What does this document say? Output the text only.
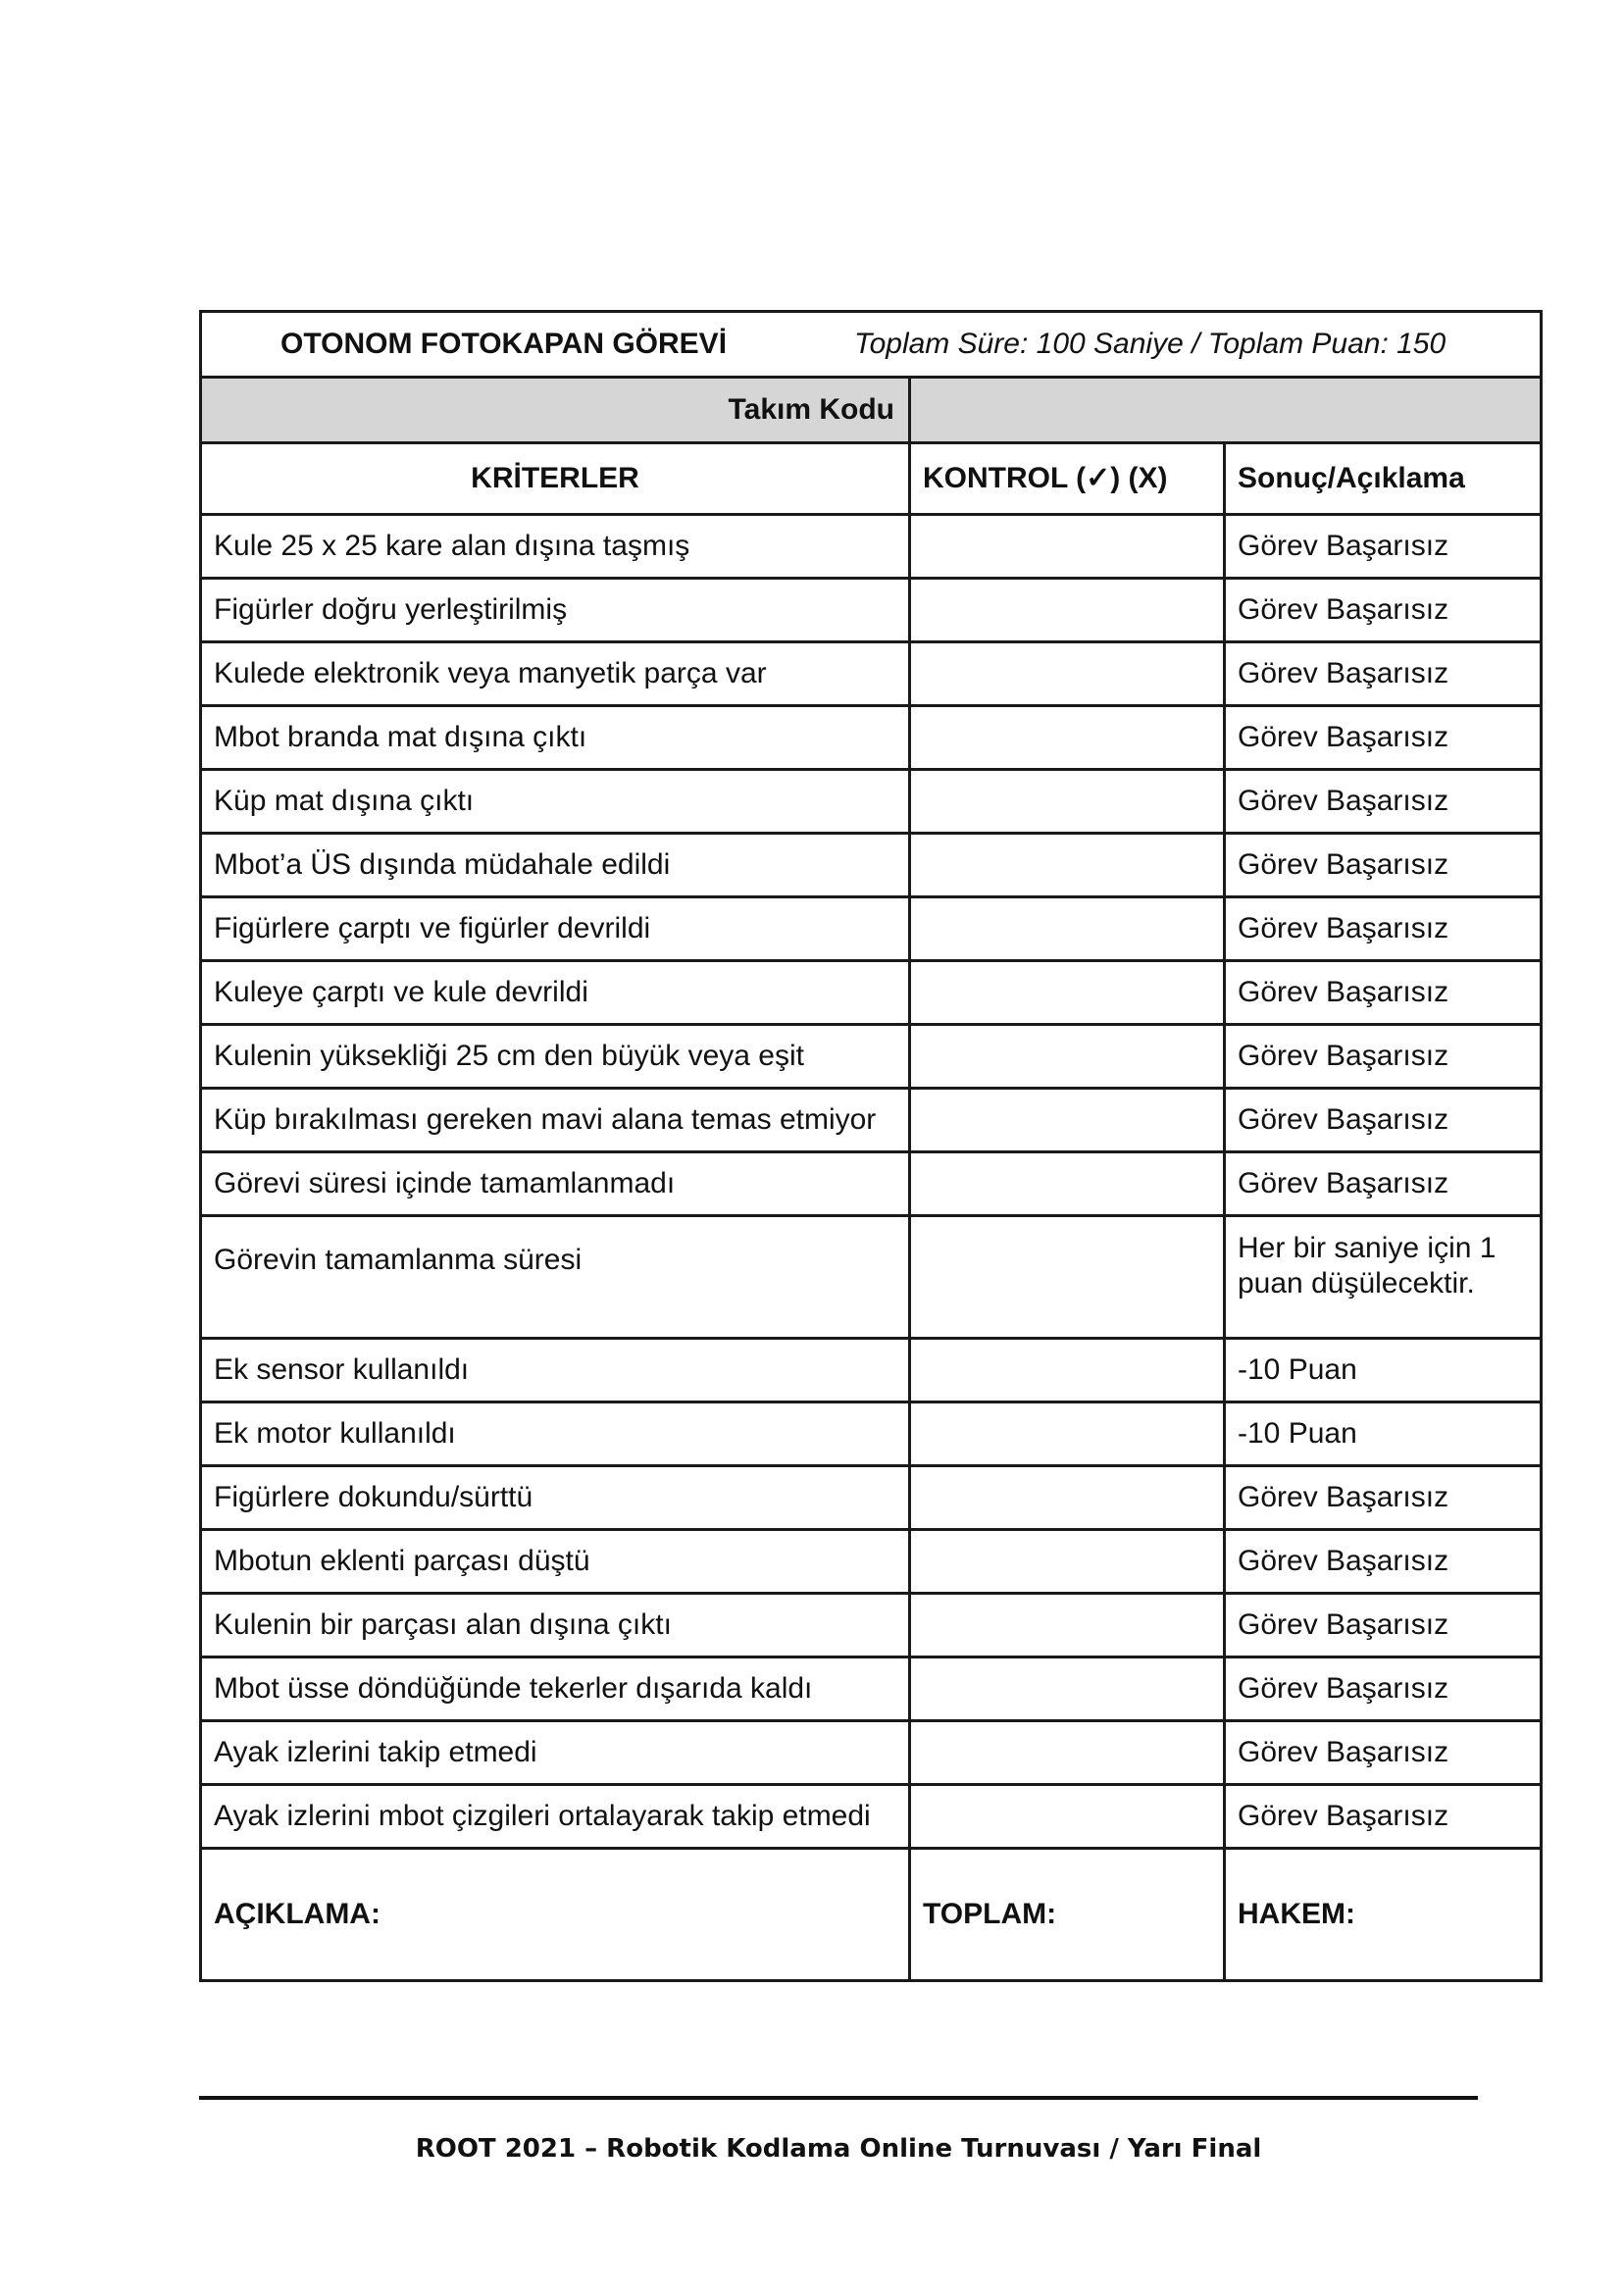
OTONOM FOTOKAPAN GÖREVİ Toplam Süre: 100 Saniye / Toplam Puan: 150		

Takım Kodu		
KRİTERLER	KONTROL (✓) (X)	Sonuç/Açıklama
Kule 25 x 25 kare alan dışına taşmış		Görev Başarısız
Figürler doğru yerleştirilmiş		Görev Başarısız
Kulede elektronik veya manyetik parça var		Görev Başarısız
Mbot branda mat dışına çıktı		Görev Başarısız
Küp mat dışına çıktı		Görev Başarısız
Mbot’a ÜS dışında müdahale edildi		Görev Başarısız
Figürlere çarptı ve figürler devrildi		Görev Başarısız
Kuleye çarptı ve kule devrildi		Görev Başarısız
Kulenin yüksekliği 25 cm den büyük veya eşit		Görev Başarısız
Küp bırakılması gereken mavi alana temas etmiyor		Görev Başarısız
Görevi süresi içinde tamamlanmadı		Görev Başarısız
Görevin tamamlanma süresi		Her bir saniye için 1 puan düşülecektir.
Ek sensor kullanıldı		-10 Puan
Ek motor kullanıldı		-10 Puan
Figürlere dokundu/sürttü		Görev Başarısız
Mbotun eklenti parçası düştü		Görev Başarısız
Kulenin bir parçası alan dışına çıktı		Görev Başarısız
Mbot üsse döndüğünde tekerler dışarıda kaldı		Görev Başarısız
Ayak izlerini takip etmedi		Görev Başarısız
Ayak izlerini mbot çizgileri ortalayarak takip etmedi		Görev Başarısız
AÇIKLAMA:	TOPLAM:	HAKEM:
ROOT 2021 – Robotik Kodlama Online Turnuvası / Yarı Final
